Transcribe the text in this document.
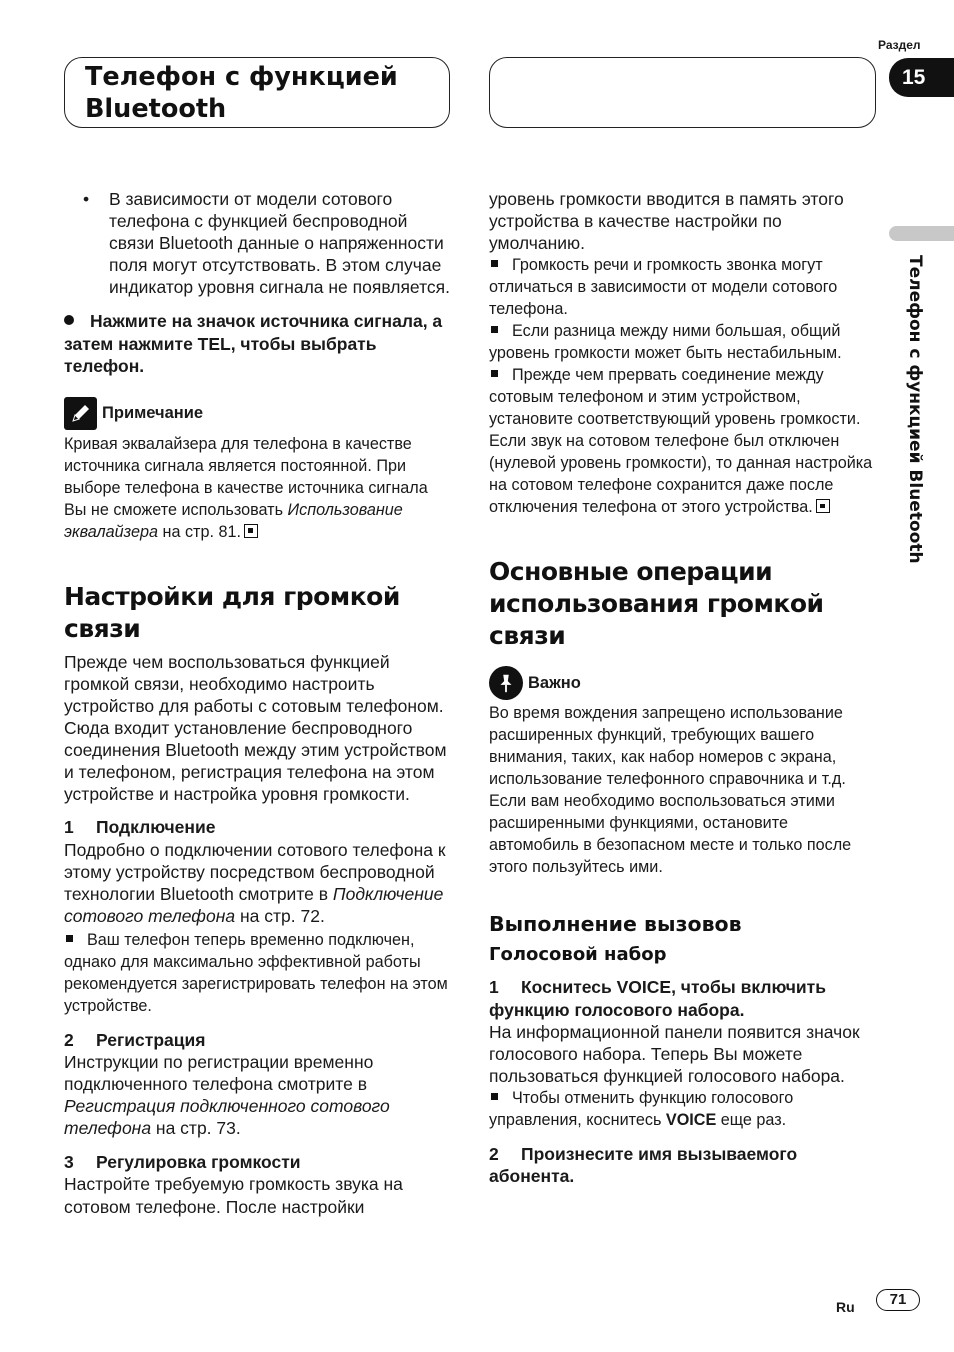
Телефон с функцией Bluetooth
Раздел
15
Телефон с функцией Bluetooth
• В зависимости от модели сотового телефона с функцией беспроводной связи Bluetooth данные о напряженности поля могут отсутствовать. В этом случае индикатор уровня сигнала не появляется.

Нажмите на значок источника сигнала, а затем нажмите TEL, чтобы выбрать телефон.

Примечание

Кривая эквалайзера для телефона в качестве источника сигнала является постоянной. При выборе телефона в качестве источника сигнала Вы не сможете использовать Использование эквалайзера на стр. 81.

Настройки для громкой связи

Прежде чем воспользоваться функцией громкой связи, необходимо настроить устройство для работы с сотовым телефоном. Сюда входит установление беспроводного соединения Bluetooth между этим устройством и телефоном, регистрация телефона на этом устройстве и настройка уровня громкости.

1 Подключение

Подробно о подключении сотового телефона к этому устройству посредством беспроводной технологии Bluetooth смотрите в Подключение сотового телефона на стр. 72.

Ваш телефон теперь временно подключен, однако для максимально эффективной работы рекомендуется зарегистрировать телефон на этом устройстве.

2 Регистрация

Инструкции по регистрации временно подключенного телефона смотрите в Регистрация подключенного сотового телефона на стр. 73.

3 Регулировка громкости

Настройте требуемую громкость звука на сотовом телефоне. После настройки

уровень громкости вводится в память этого устройства в качестве настройки по умолчанию.

Громкость речи и громкость звонка могут отличаться в зависимости от модели сотового телефона.

Если разница между ними большая, общий уровень громкости может быть нестабильным.

Прежде чем прервать соединение между сотовым телефоном и этим устройством, установите соответствующий уровень громкости. Если звук на сотовом телефоне был отключен (нулевой уровень громкости), то данная настройка на сотовом телефоне сохранится даже после отключения телефона от этого устройства.

Основные операции использования громкой связи
Важно

Во время вождения запрещено использование расширенных функций, требующих вашего внимания, таких, как набор номеров с экрана, использование телефонного справочника и т.д. Если вам необходимо воспользоваться этими расширенными функциями, остановите автомобиль в безопасном месте и только после этого пользуйтесь ими.

Выполнение вызовов
Голосовой набор
1 Коснитесь VOICE, чтобы включить функцию голосового набора.

На информационной панели появится значок голосового набора. Теперь Вы можете пользоваться функцией голосового набора.

Чтобы отменить функцию голосового управления, коснитесь VOICE еще раз.

2 Произнесите имя вызываемого абонента.
Ru	71
